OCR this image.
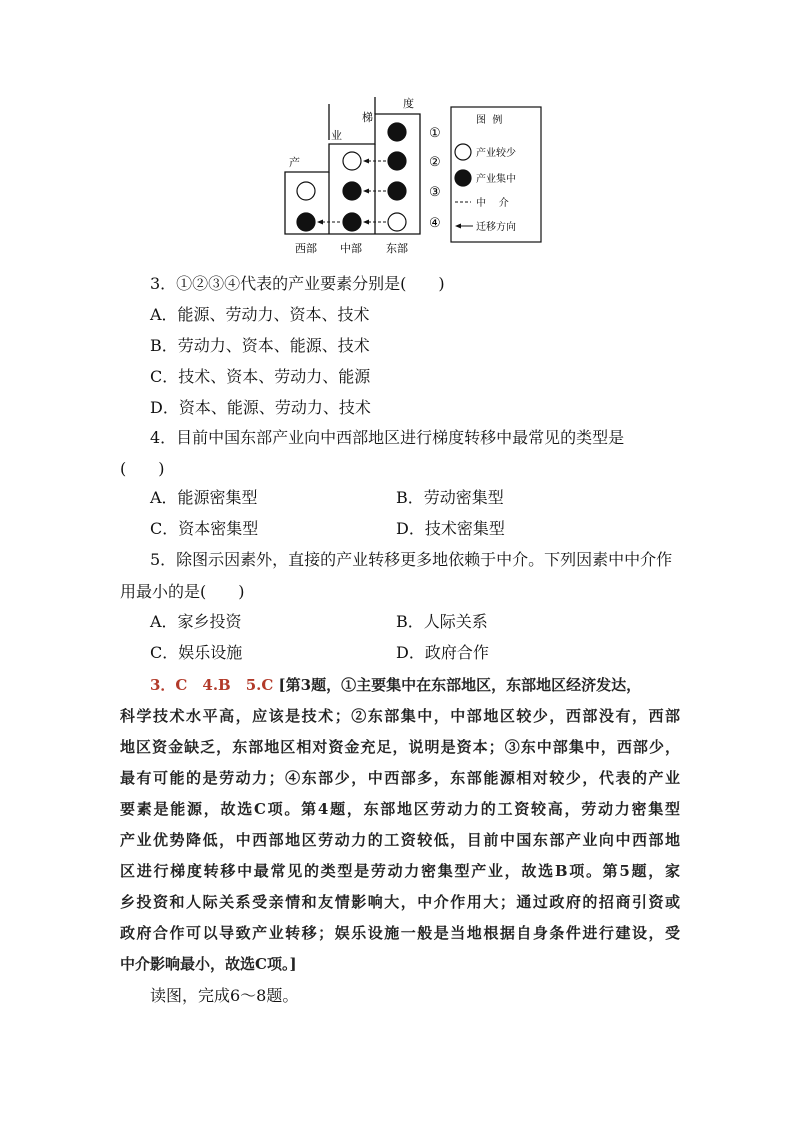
产
业
梯
度
①
②
③
④
西部 中部 东部
图  例
产业较少
产业集中
中    介
迁移方向
3．①②③④代表的产业要素分别是(　　)
A．能源、劳动力、资本、技术
B．劳动力、资本、能源、技术
C．技术、资本、劳动力、能源
D．资本、能源、劳动力、技术
4．目前中国东部产业向中西部地区进行梯度转移中最常见的类型是
(　　)
A．能源密集型	B．劳动密集型
C．资本密集型	D．技术密集型
5．除图示因素外，直接的产业转移更多地依赖于中介。下列因素中中介作
用最小的是(　　)
A．家乡投资	B．人际关系
C．娱乐设施	D．政府合作
3．C　4.B　5.C [第3题，①主要集中在东部地区，东部地区经济发达，
科学技术水平高，应该是技术；②东部集中，中部地区较少，西部没有，西部
地区资金缺乏，东部地区相对资金充足，说明是资本；③东中部集中，西部少，
最有可能的是劳动力；④东部少，中西部多，东部能源相对较少，代表的产业
要素是能源，故选C项。第4题，东部地区劳动力的工资较高，劳动力密集型
产业优势降低，中西部地区劳动力的工资较低，目前中国东部产业向中西部地
区进行梯度转移中最常见的类型是劳动力密集型产业，故选B项。第5题，家
乡投资和人际关系受亲情和友情影响大，中介作用大；通过政府的招商引资或
政府合作可以导致产业转移；娱乐设施一般是当地根据自身条件进行建设，受
中介影响最小，故选C项。]
读图，完成6～8题。
